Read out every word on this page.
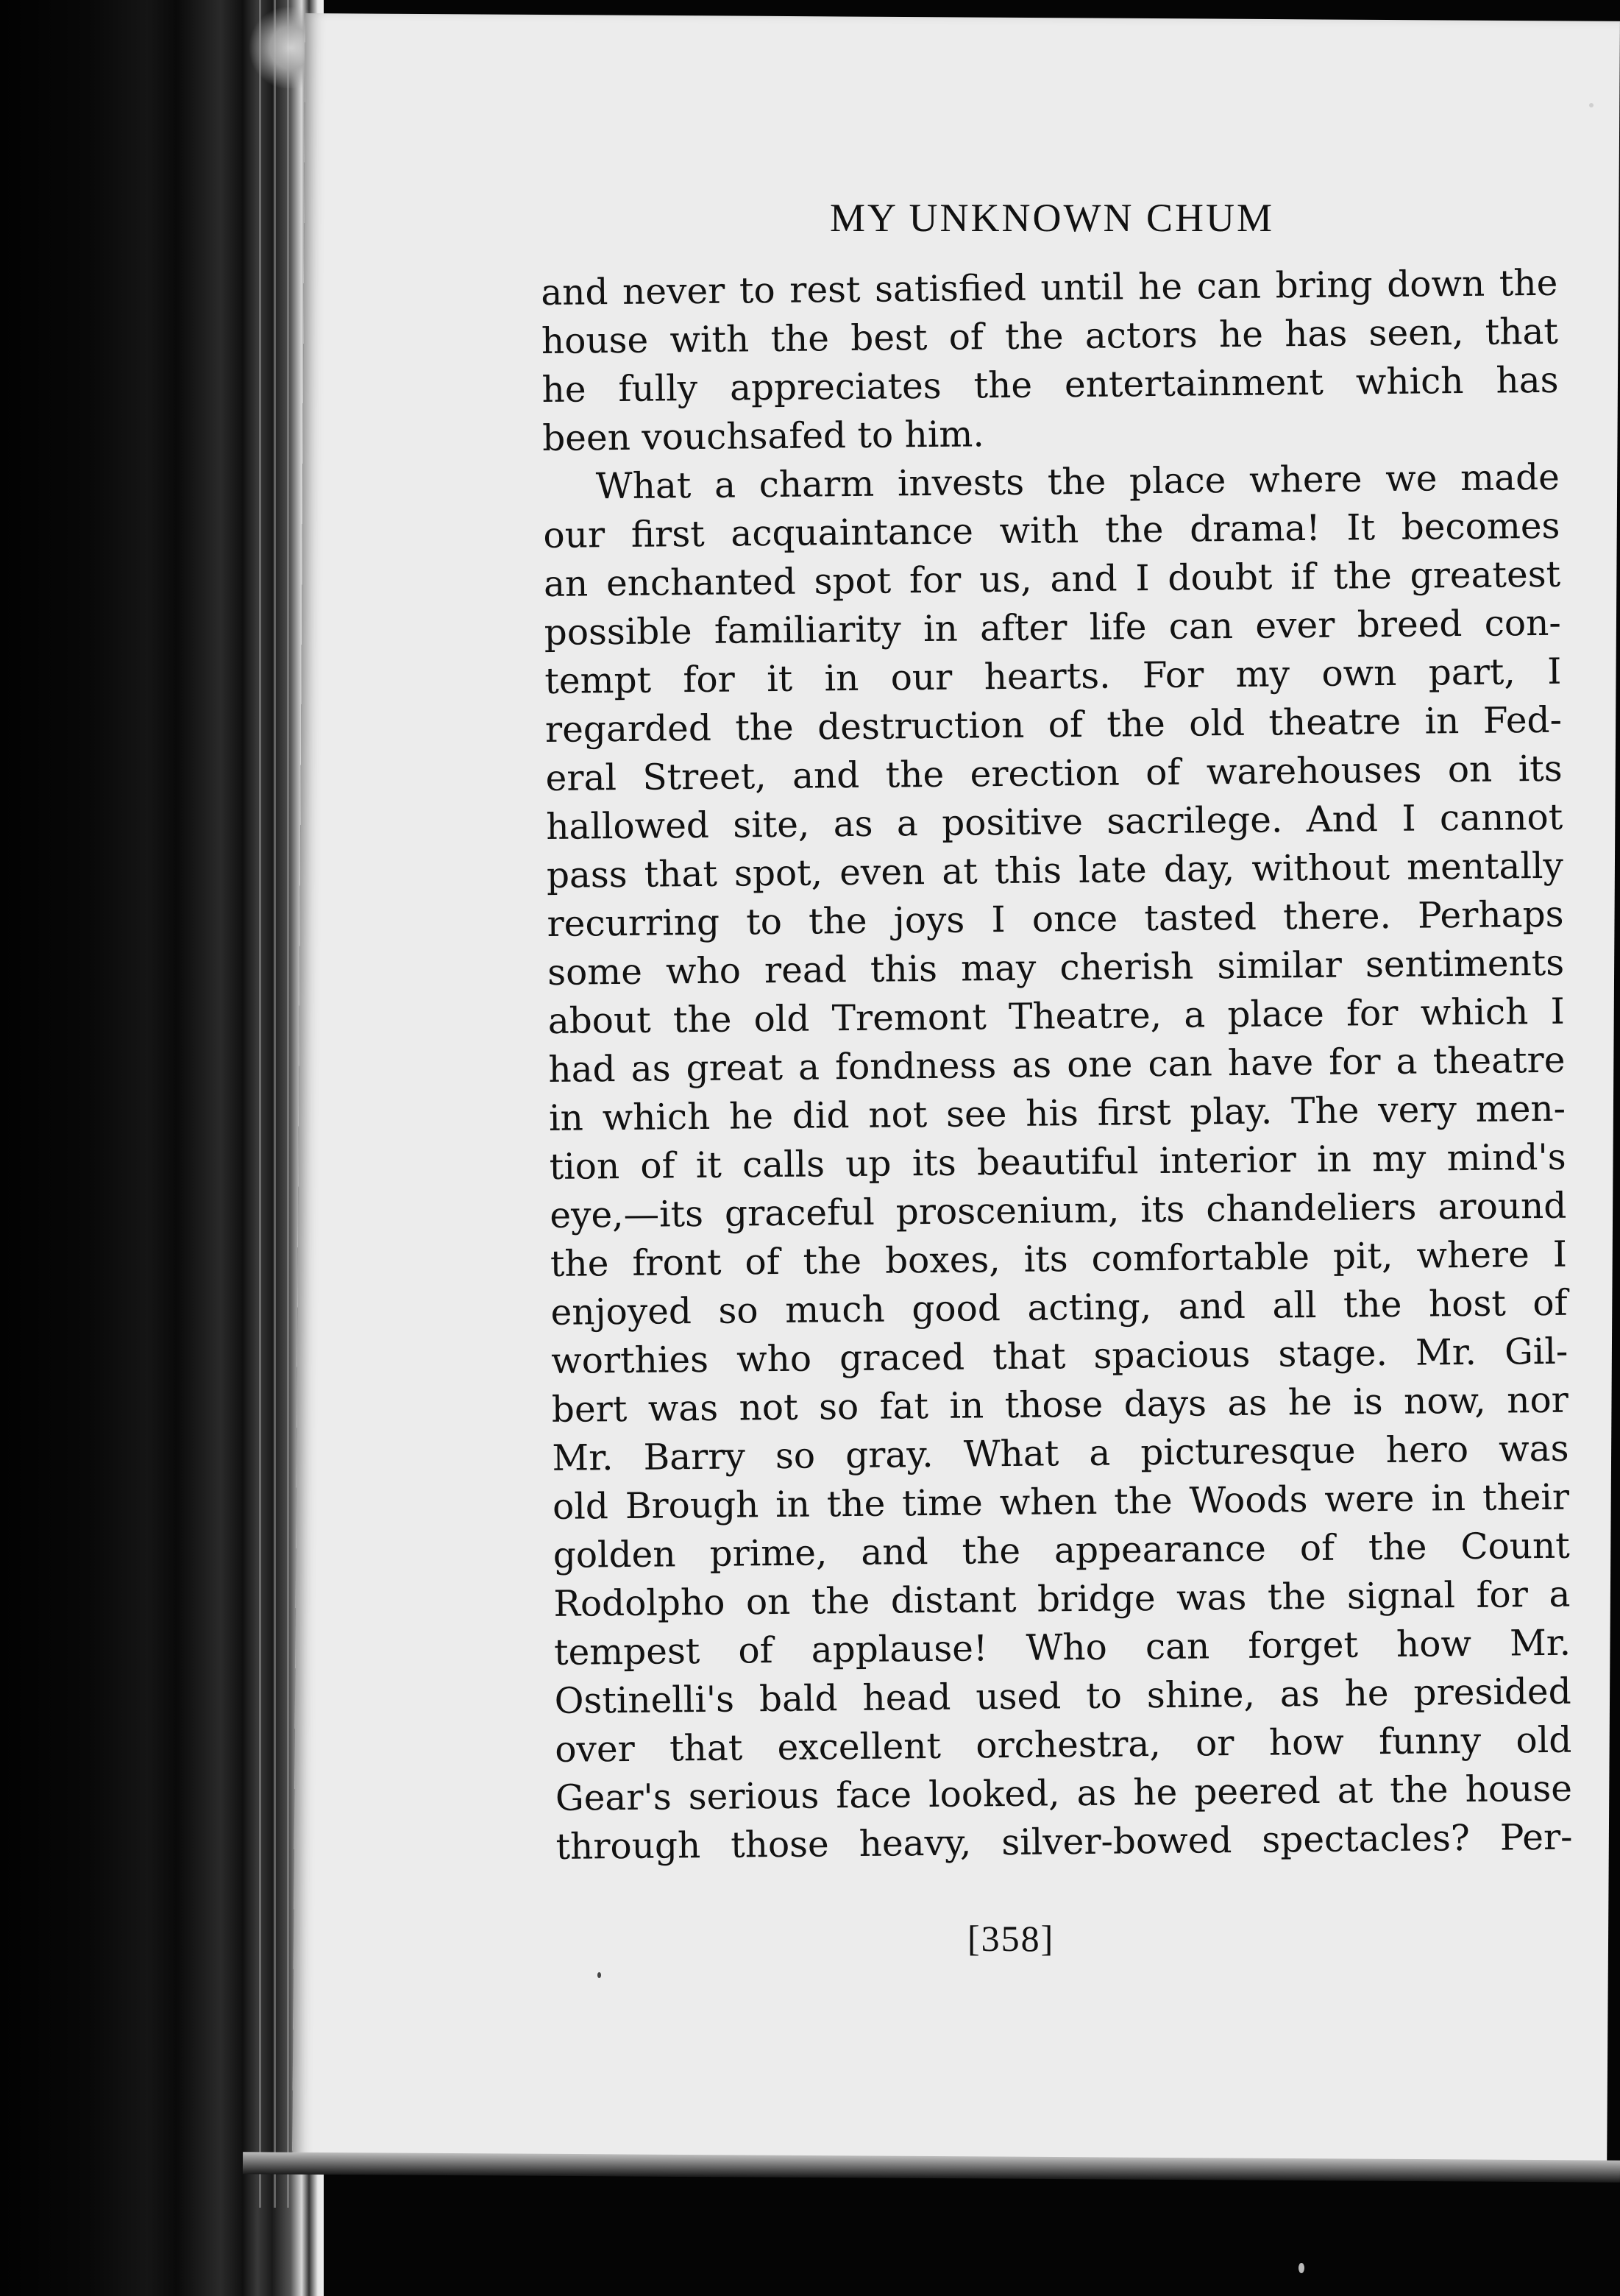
MY UNKNOWN CHUM
and never to rest satisfied until he can bring down the
house with the best of the actors he has seen, that
he fully appreciates the entertainment which has
been vouchsafed to him.
What a charm invests the place where we made
our first acquaintance with the drama! It becomes
an enchanted spot for us, and I doubt if the greatest
possible familiarity in after life can ever breed con-
tempt for it in our hearts. For my own part, I
regarded the destruction of the old theatre in Fed-
eral Street, and the erection of warehouses on its
hallowed site, as a positive sacrilege. And I cannot
pass that spot, even at this late day, without mentally
recurring to the joys I once tasted there. Perhaps
some who read this may cherish similar sentiments
about the old Tremont Theatre, a place for which I
had as great a fondness as one can have for a theatre
in which he did not see his first play. The very men-
tion of it calls up its beautiful interior in my mind's
eye,—its graceful proscenium, its chandeliers around
the front of the boxes, its comfortable pit, where I
enjoyed so much good acting, and all the host of
worthies who graced that spacious stage. Mr. Gil-
bert was not so fat in those days as he is now, nor
Mr. Barry so gray. What a picturesque hero was
old Brough in the time when the Woods were in their
golden prime, and the appearance of the Count
Rodolpho on the distant bridge was the signal for a
tempest of applause! Who can forget how Mr.
Ostinelli's bald head used to shine, as he presided
over that excellent orchestra, or how funny old
Gear's serious face looked, as he peered at the house
through those heavy, silver-bowed spectacles? Per-
[358]
